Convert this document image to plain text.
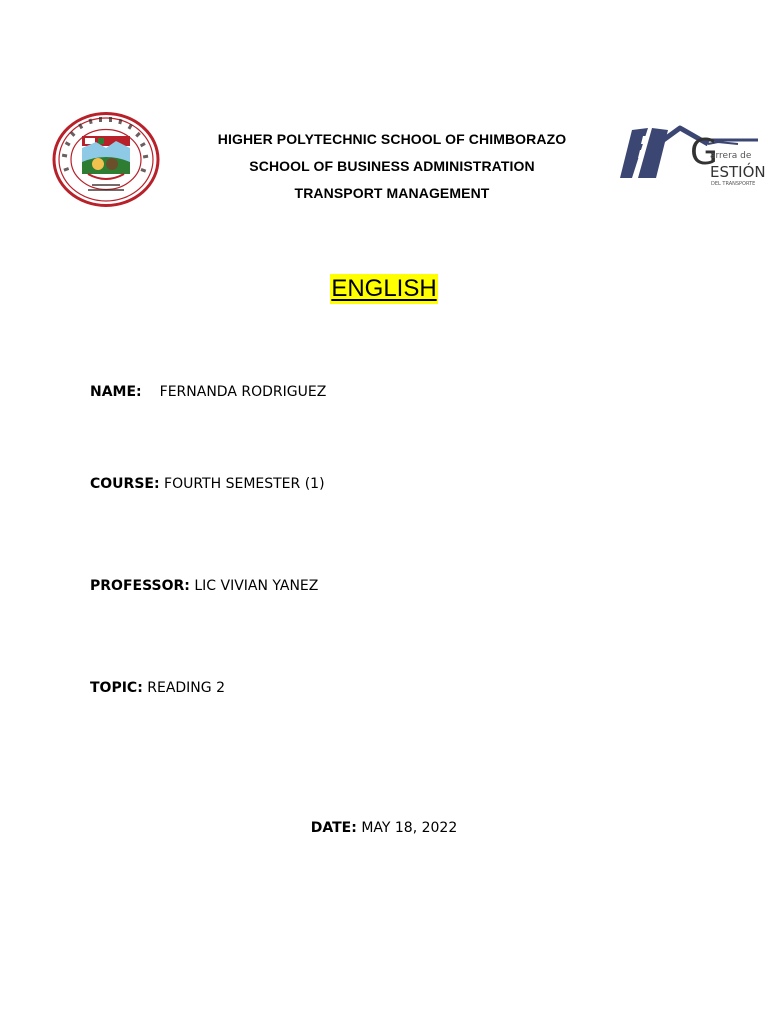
HIGHER POLYTECHNIC SCHOOL OF CHIMBORAZO
SCHOOL OF BUSINESS ADMINISTRATION
TRANSPORT MANAGEMENT
G
arrera de
ESTIÓN
DEL TRANSPORTE
ENGLISH
NAME: FERNANDA RODRIGUEZ
COURSE: FOURTH SEMESTER (1)
PROFESSOR: LIC VIVIAN YANEZ
TOPIC: READING 2
DATE: MAY 18, 2022
